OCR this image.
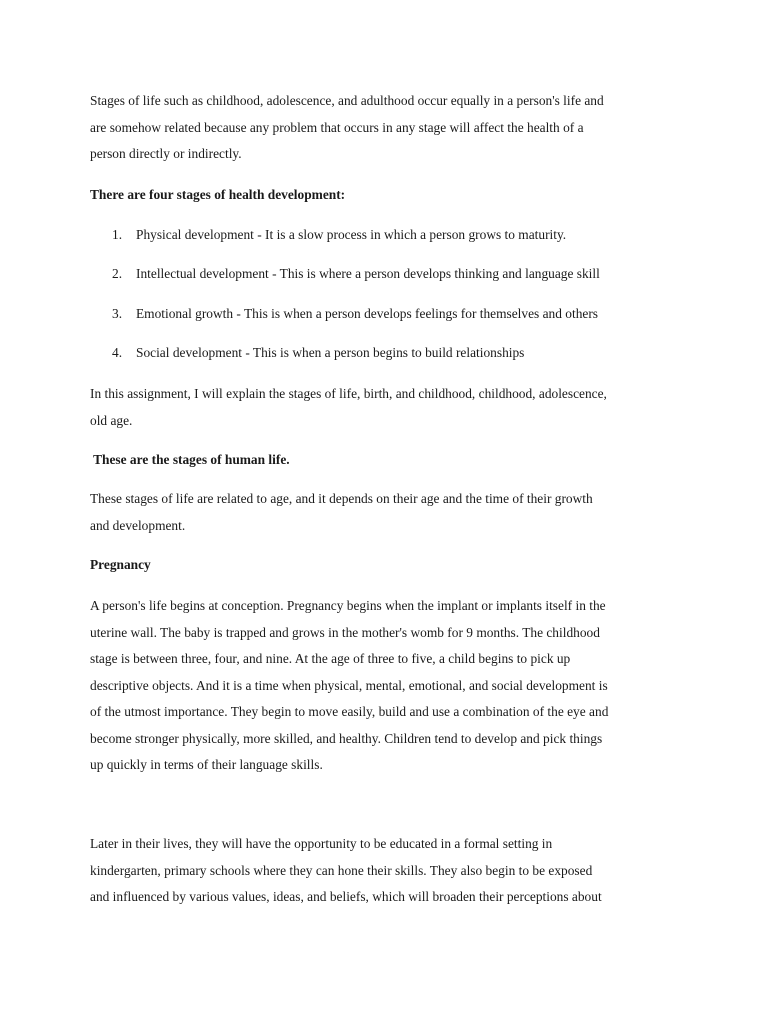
Stages of life such as childhood, adolescence, and adulthood occur equally in a person's life and
are somehow related because any problem that occurs in any stage will affect the health of a
person directly or indirectly.

There are four stages of health development:

1. Physical development - It is a slow process in which a person grows to maturity.
2. Intellectual development - This is where a person develops thinking and language skill
3. Emotional growth - This is when a person develops feelings for themselves and others
4. Social development - This is when a person begins to build relationships

In this assignment, I will explain the stages of life, birth, and childhood, childhood, adolescence,
old age.

These are the stages of human life.

These stages of life are related to age, and it depends on their age and the time of their growth
and development.

Pregnancy

A person's life begins at conception. Pregnancy begins when the implant or implants itself in the
uterine wall. The baby is trapped and grows in the mother's womb for 9 months. The childhood
stage is between three, four, and nine. At the age of three to five, a child begins to pick up
descriptive objects. And it is a time when physical, mental, emotional, and social development is
of the utmost importance. They begin to move easily, build and use a combination of the eye and
become stronger physically, more skilled, and healthy. Children tend to develop and pick things
up quickly in terms of their language skills.

Later in their lives, they will have the opportunity to be educated in a formal setting in
kindergarten, primary schools where they can hone their skills. They also begin to be exposed
and influenced by various values, ideas, and beliefs, which will broaden their perceptions about
